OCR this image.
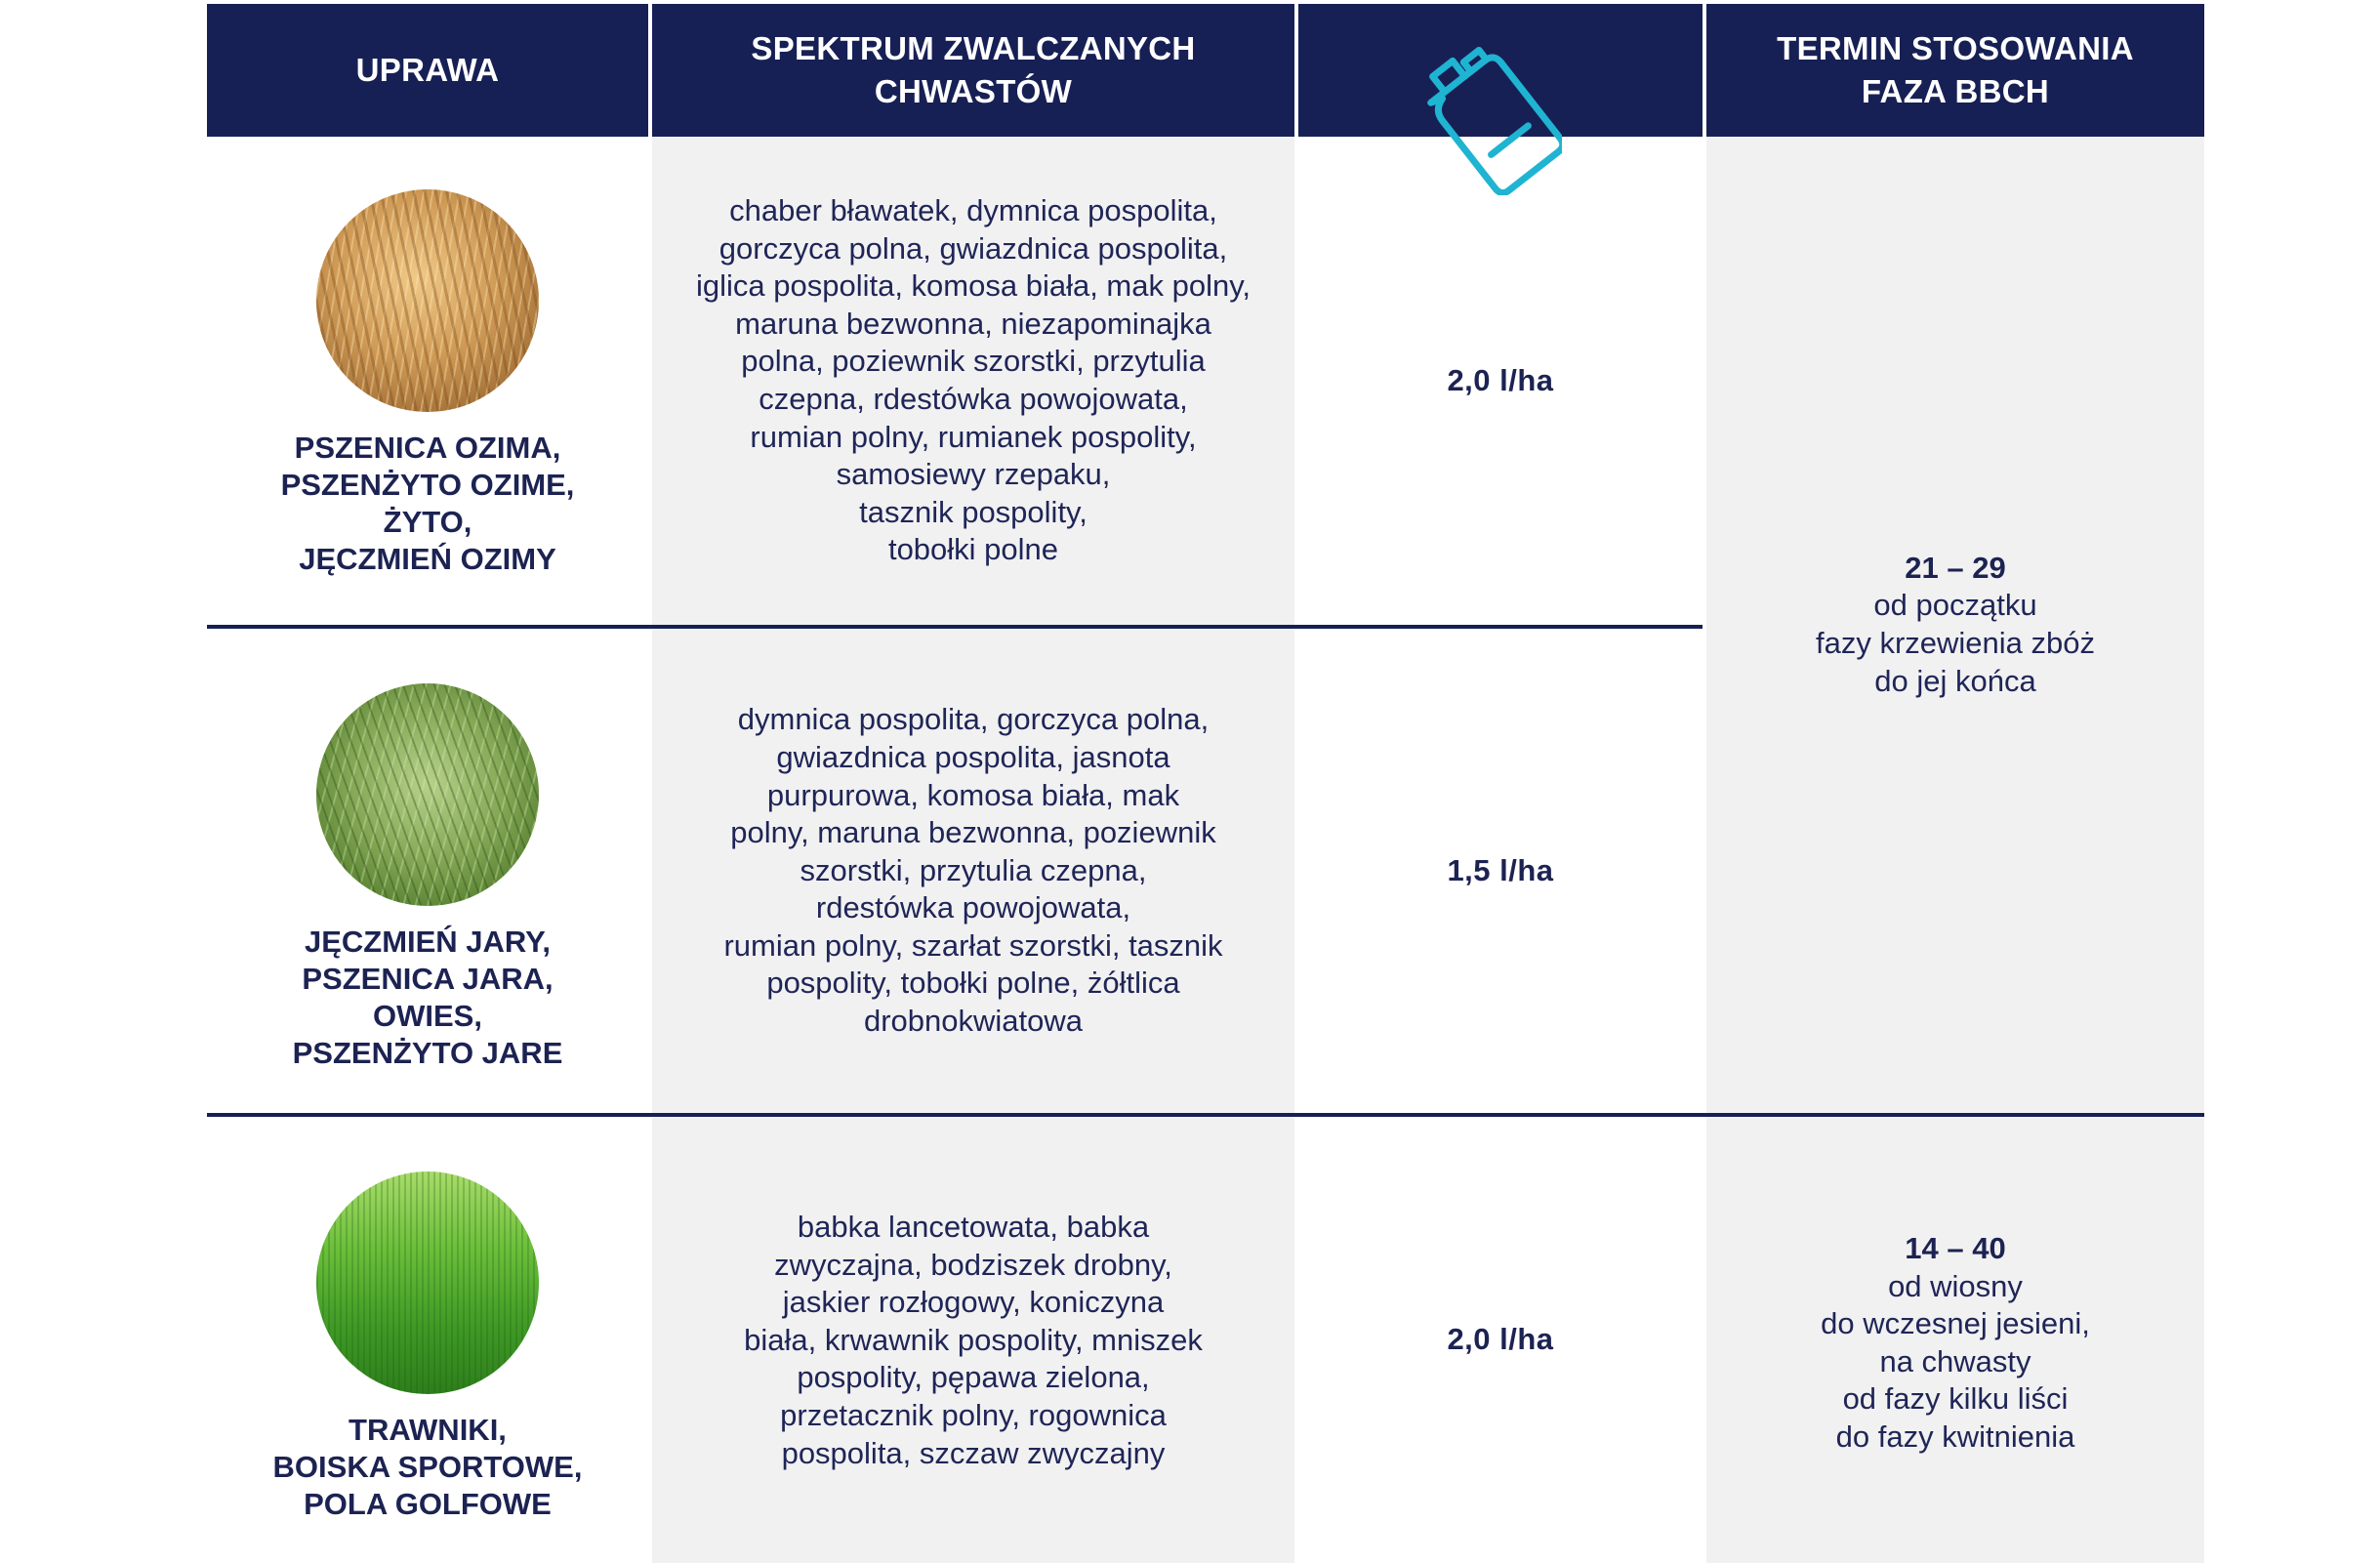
UPRAWA
SPEKTRUM ZWALCZANYCH
CHWASTÓW
TERMIN STOSOWANIA
FAZA BBCH
PSZENICA OZIMA,
PSZENŻYTO OZIME,
ŻYTO,
JĘCZMIEŃ OZIMY
chaber bławatek, dymnica pospolita,
gorczyca polna, gwiazdnica pospolita,
iglica pospolita, komosa biała, mak polny,
maruna bezwonna, niezapominajka
polna, poziewnik szorstki, przytulia
czepna, rdestówka powojowata,
rumian polny, rumianek pospolity,
samosiewy rzepaku,
tasznik pospolity,
tobołki polne
2,0 l/ha
JĘCZMIEŃ JARY,
PSZENICA JARA,
OWIES,
PSZENŻYTO JARE
dymnica pospolita, gorczyca polna,
gwiazdnica pospolita, jasnota
purpurowa, komosa biała, mak
polny, maruna bezwonna, poziewnik
szorstki, przytulia czepna,
rdestówka powojowata,
rumian polny, szarłat szorstki, tasznik
pospolity, tobołki polne, żółtlica
drobnokwiatowa
1,5 l/ha
21 – 29
od początku
fazy krzewienia zbóż
do jej końca
TRAWNIKI,
BOISKA SPORTOWE,
POLA GOLFOWE
babka lancetowata, babka
zwyczajna, bodziszek drobny,
jaskier rozłogowy, koniczyna
biała, krwawnik pospolity, mniszek
pospolity, pępawa zielona,
przetacznik polny, rogownica
pospolita, szczaw zwyczajny
2,0 l/ha
14 – 40
od wiosny
do wczesnej jesieni,
na chwasty
od fazy kilku liści
do fazy kwitnienia
